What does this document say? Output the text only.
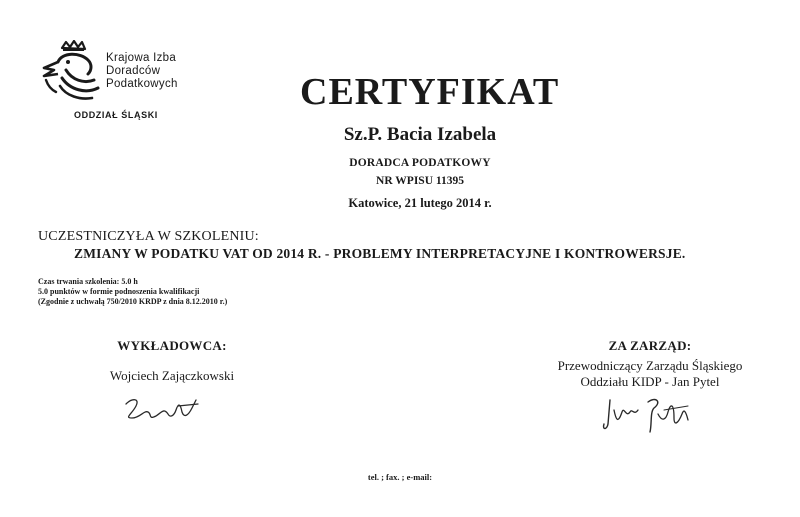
Krajowa Izba
Doradców
Podatkowych
ODDZIAŁ ŚLĄSKI
CERTYFIKAT
Sz.P. Bacia Izabela
DORADCA PODATKOWY
NR WPISU 11395
Katowice, 21 lutego 2014 r.
UCZESTNICZYŁA W SZKOLENIU:
ZMIANY W PODATKU VAT OD 2014 R. - PROBLEMY INTERPRETACYJNE I KONTROWERSJE.
Czas trwania szkolenia: 5.0 h
5.0 punktów w formie podnoszenia kwalifikacji
(Zgodnie z uchwałą 750/2010 KRDP z dnia 8.12.2010 r.)
WYKŁADOWCA:
Wojciech Zajączkowski
ZA ZARZĄD:
Przewodniczący Zarządu Śląskiego
Oddziału KIDP - Jan Pytel
tel. ; fax. ; e-mail:
